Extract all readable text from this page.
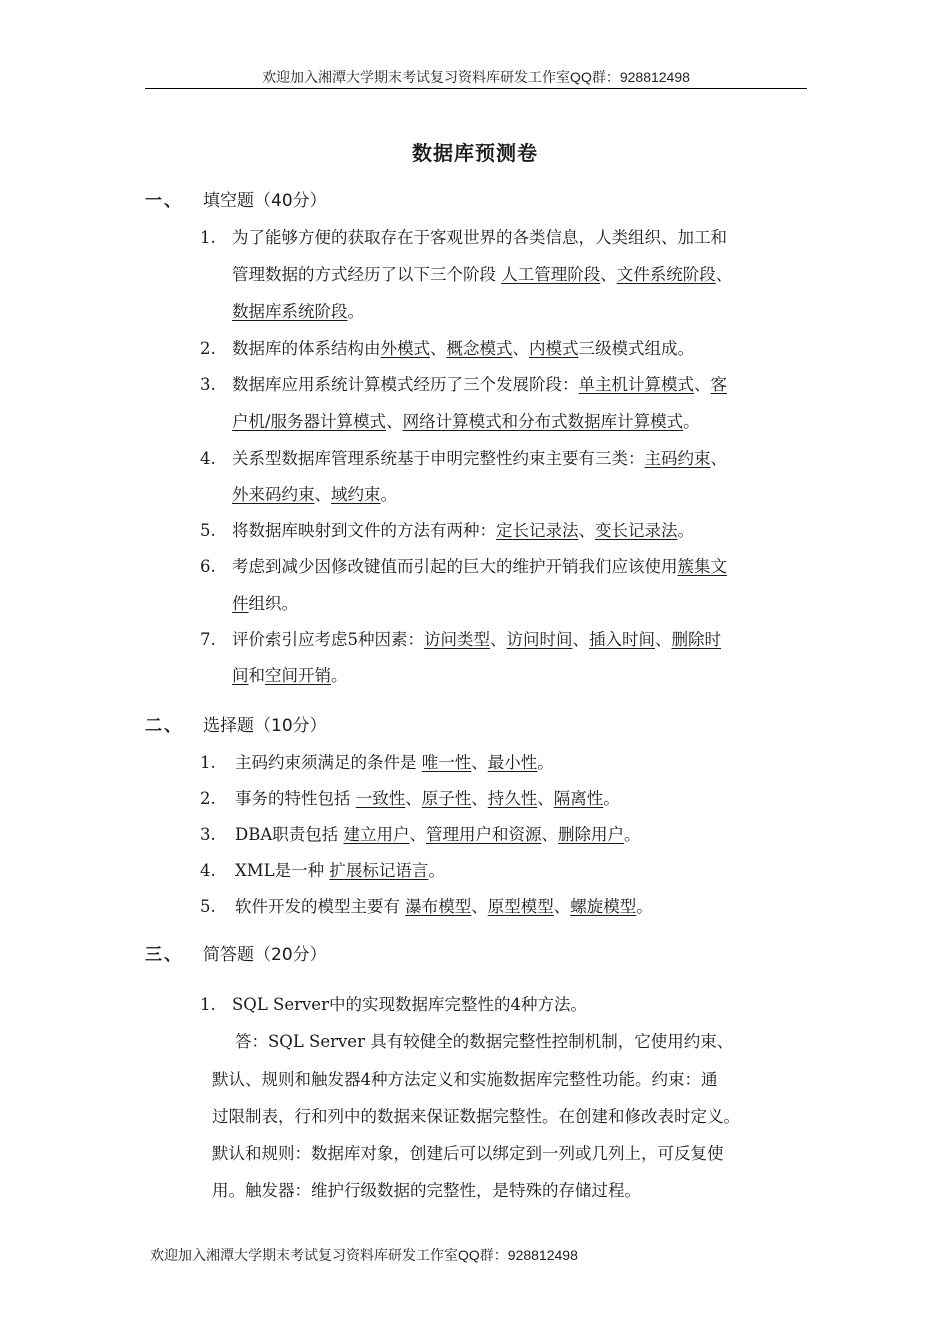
欢迎加入湘潭大学期末考试复习资料库研发工作室QQ群：928812498
数据库预测卷
一、 填空题（40分）
1. 为了能够方便的获取存在于客观世界的各类信息，人类组织、加工和
管理数据的方式经历了以下三个阶段 人工管理阶段、文件系统阶段、
数据库系统阶段。
2. 数据库的体系结构由外模式、概念模式、内模式三级模式组成。
3. 数据库应用系统计算模式经历了三个发展阶段：单主机计算模式、客
户机/服务器计算模式、网络计算模式和分布式数据库计算模式。
4. 关系型数据库管理系统基于申明完整性约束主要有三类：主码约束、
外来码约束、域约束。
5. 将数据库映射到文件的方法有两种：定长记录法、变长记录法。
6. 考虑到减少因修改键值而引起的巨大的维护开销我们应该使用簇集文
件组织。
7. 评价索引应考虑5种因素：访问类型、访问时间、插入时间、删除时
间和空间开销。
二、 选择题（10分）
1. 主码约束须满足的条件是 唯一性、最小性。
2. 事务的特性包括 一致性、原子性、持久性、隔离性。
3. DBA职责包括 建立用户、管理用户和资源、删除用户。
4. XML是一种 扩展标记语言。
5. 软件开发的模型主要有 瀑布模型、原型模型、螺旋模型。
三、 简答题（20分）
1. SQL Server中的实现数据库完整性的4种方法。
答：SQL Server 具有较健全的数据完整性控制机制，它使用约束、
默认、规则和触发器4种方法定义和实施数据库完整性功能。约束：通
过限制表，行和列中的数据来保证数据完整性。在创建和修改表时定义。
默认和规则：数据库对象，创建后可以绑定到一列或几列上，可反复使
用。触发器：维护行级数据的完整性，是特殊的存储过程。
欢迎加入湘潭大学期末考试复习资料库研发工作室QQ群：928812498
